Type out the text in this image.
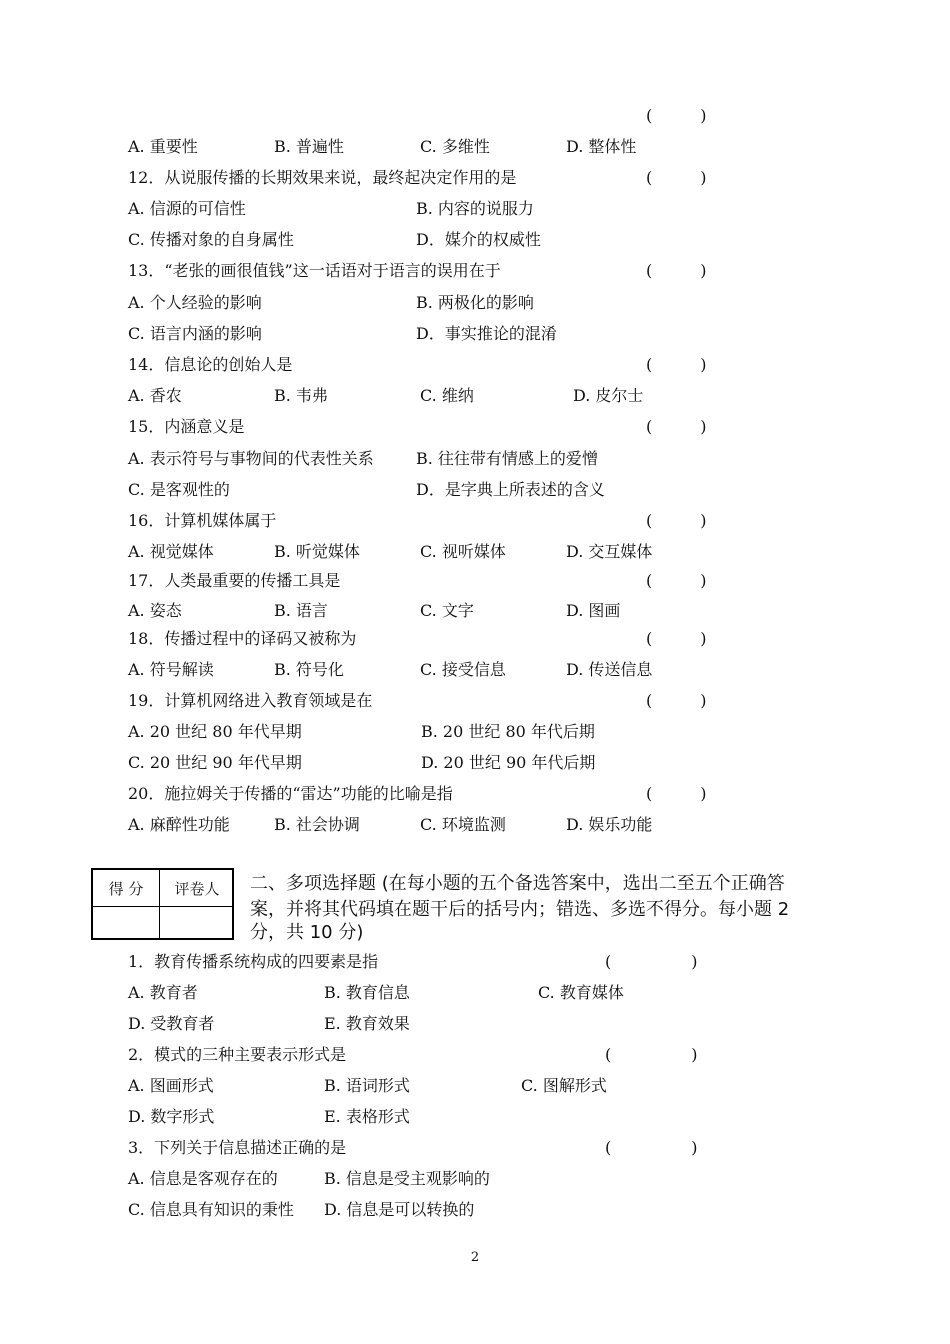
(　　　)
A. 重要性	B. 普遍性	C. 多维性	D. 整体性
12．从说服传播的长期效果来说，最终起决定作用的是	(　　　)
A. 信源的可信性	B. 内容的说服力
C. 传播对象的自身属性	D．媒介的权威性
13．“老张的画很值钱”这一话语对于语言的误用在于	(　　　)
A. 个人经验的影响	B. 两极化的影响
C. 语言内涵的影响	D．事实推论的混淆
14．信息论的创始人是	(　　　)
A. 香农	B. 韦弗	C. 维纳	D. 皮尔士
15．内涵意义是	(　　　)
A. 表示符号与事物间的代表性关系	B. 往往带有情感上的爱憎
C. 是客观性的	D．是字典上所表述的含义
16．计算机媒体属于	(　　　)
A. 视觉媒体	B. 听觉媒体	C. 视听媒体	D. 交互媒体
17．人类最重要的传播工具是	(　　　)
A. 姿态	B. 语言	C. 文字	D. 图画
18．传播过程中的译码又被称为	(　　　)
A. 符号解读	B. 符号化	C. 接受信息	D. 传送信息
19．计算机网络进入教育领域是在	(　　　)
A. 20 世纪 80 年代早期	B. 20 世纪 80 年代后期
C. 20 世纪 90 年代早期	D. 20 世纪 90 年代后期
20．施拉姆关于传播的“雷达”功能的比喻是指	(　　　)
A. 麻醉性功能	B. 社会协调	C. 环境监测	D. 娱乐功能
得 分	评卷人	二、多项选择题 (在每小题的五个备选答案中，选出二至五个正确答
案，并将其代码填在题干后的括号内；错选、多选不得分。每小题 2
分，共 10 分)
1．教育传播系统构成的四要素是指	(　　　　　)
A. 教育者	B. 教育信息	C. 教育媒体
D. 受教育者	E. 教育效果
2．模式的三种主要表示形式是	(　　　　　)
A. 图画形式	B. 语词形式	C. 图解形式
D. 数字形式	E. 表格形式
3．下列关于信息描述正确的是	(　　　　　)
A. 信息是客观存在的	B. 信息是受主观影响的
C. 信息具有知识的秉性 D. 信息是可以转换的
2
